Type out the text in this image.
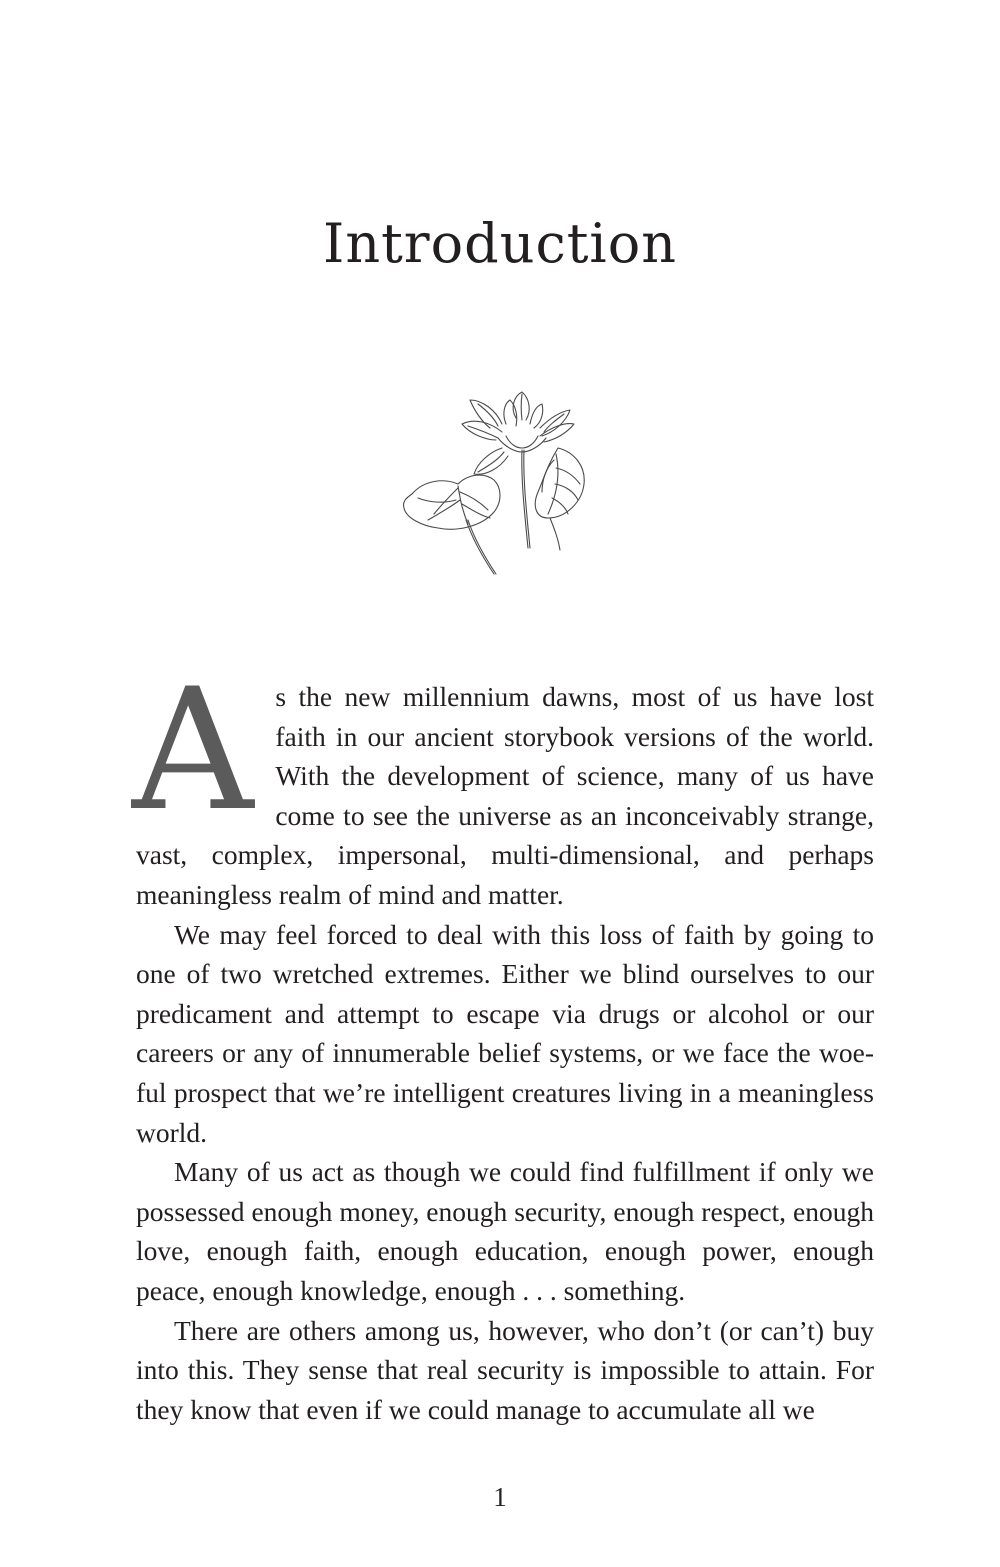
Introduction

As the new millennium dawns, most of us have lost faith in our ancient storybook versions of the world. With the development of science, many of us have come to see the universe as an inconceivably strange, vast, complex, impersonal, multi-dimensional, and perhaps meaningless realm of mind and matter.

We may feel forced to deal with this loss of faith by going to one of two wretched extremes. Either we blind ourselves to our predicament and attempt to escape via drugs or alcohol or our careers or any of innumerable belief systems, or we face the woeful prospect that we’re intelligent creatures living in a meaningless world.

Many of us act as though we could find fulfillment if only we possessed enough money, enough security, enough respect, enough love, enough faith, enough education, enough power, enough peace, enough knowledge, enough . . . something.

There are others among us, however, who don’t (or can’t) buy into this. They sense that real security is impossible to attain. For they know that even if we could manage to accumulate all we

1
